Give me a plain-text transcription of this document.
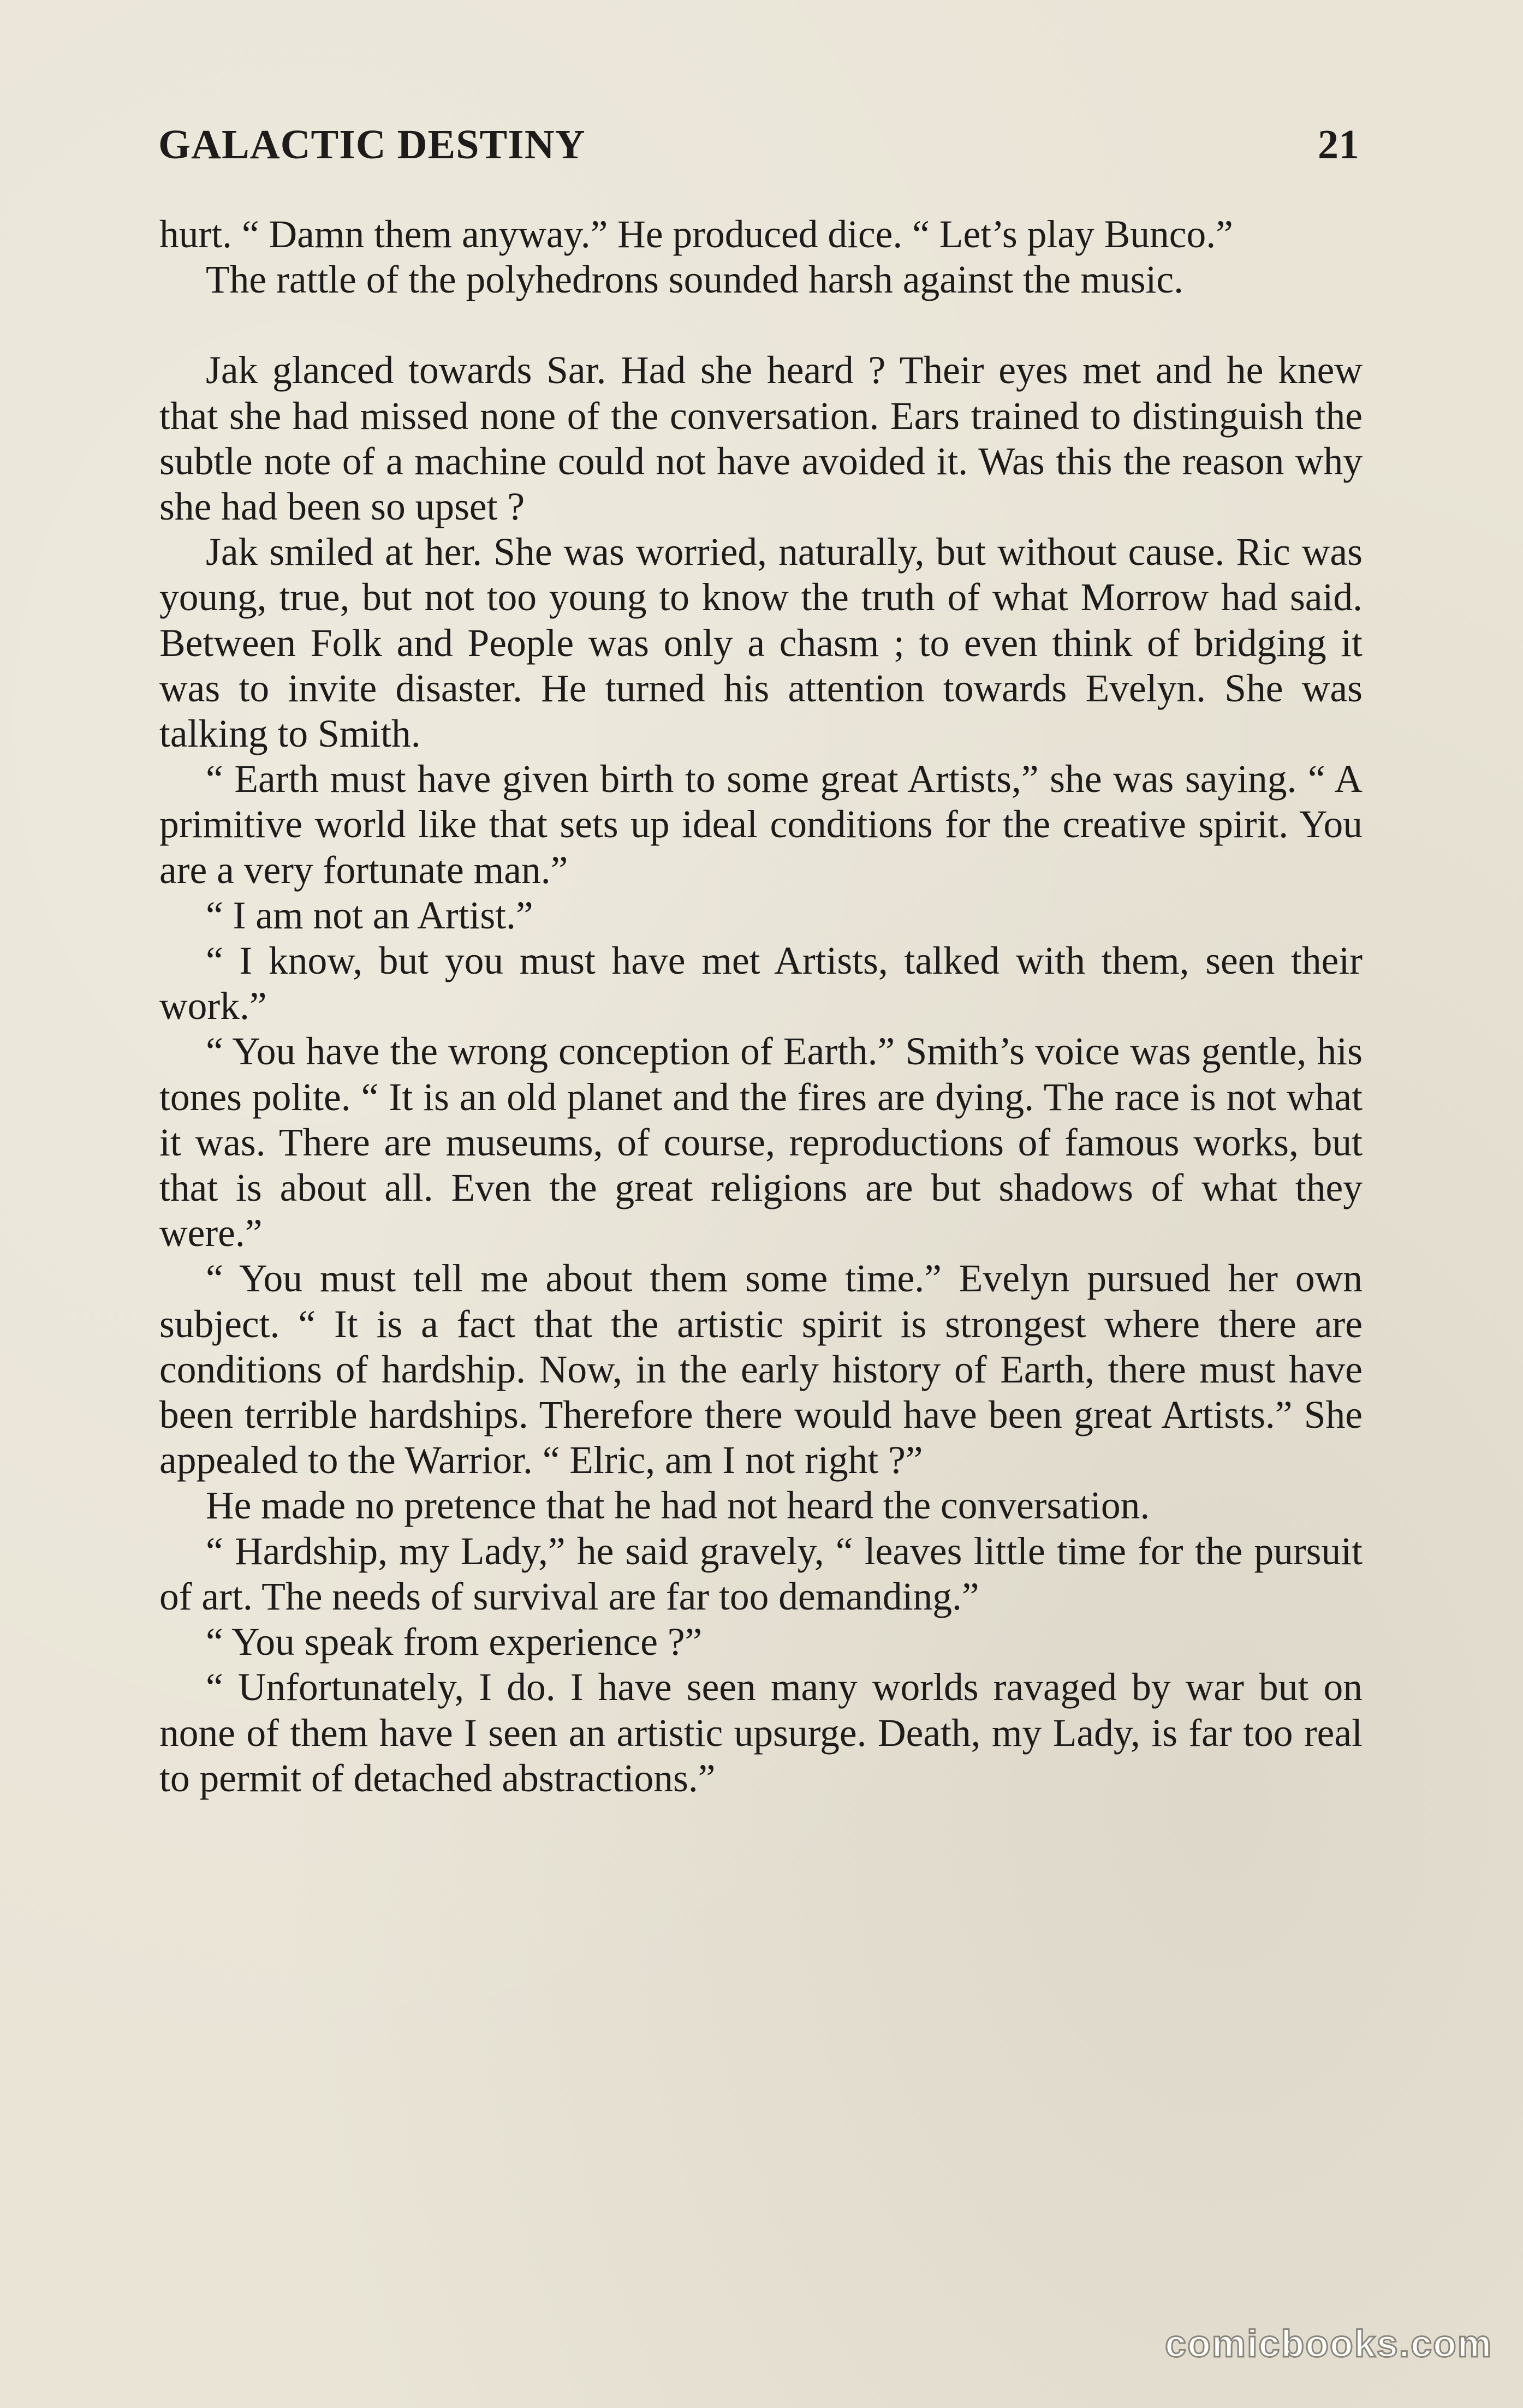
GALACTIC DESTINY	21

hurt. “ Damn them anyway.” He produced dice. “ Let’s play Bunco.”

The rattle of the polyhedrons sounded harsh against the music.

Jak glanced towards Sar. Had she heard ? Their eyes met and he knew that she had missed none of the conversation. Ears trained to distinguish the subtle note of a machine could not have avoided it. Was this the reason why she had been so upset ?

Jak smiled at her. She was worried, naturally, but without cause. Ric was young, true, but not too young to know the truth of what Morrow had said. Between Folk and People was only a chasm ; to even think of bridging it was to invite disaster. He turned his attention towards Evelyn. She was talking to Smith.

“ Earth must have given birth to some great Artists,” she was saying. “ A primitive world like that sets up ideal conditions for the creative spirit. You are a very fortunate man.”

“ I am not an Artist.”

“ I know, but you must have met Artists, talked with them, seen their work.”

“ You have the wrong conception of Earth.” Smith’s voice was gentle, his tones polite. “ It is an old planet and the fires are dying. The race is not what it was. There are museums, of course, reproductions of famous works, but that is about all. Even the great religions are but shadows of what they were.”

“ You must tell me about them some time.” Evelyn pursued her own subject. “ It is a fact that the artistic spirit is strongest where there are conditions of hardship. Now, in the early history of Earth, there must have been terrible hardships. Therefore there would have been great Artists.” She appealed to the Warrior. “ Elric, am I not right ?”

He made no pretence that he had not heard the conversation.

“ Hardship, my Lady,” he said gravely, “ leaves little time for the pursuit of art. The needs of survival are far too demanding.”

“ You speak from experience ?”

“ Unfortunately, I do. I have seen many worlds ravaged by war but on none of them have I seen an artistic upsurge. Death, my Lady, is far too real to permit of detached abstractions.”

comicbooks.com
